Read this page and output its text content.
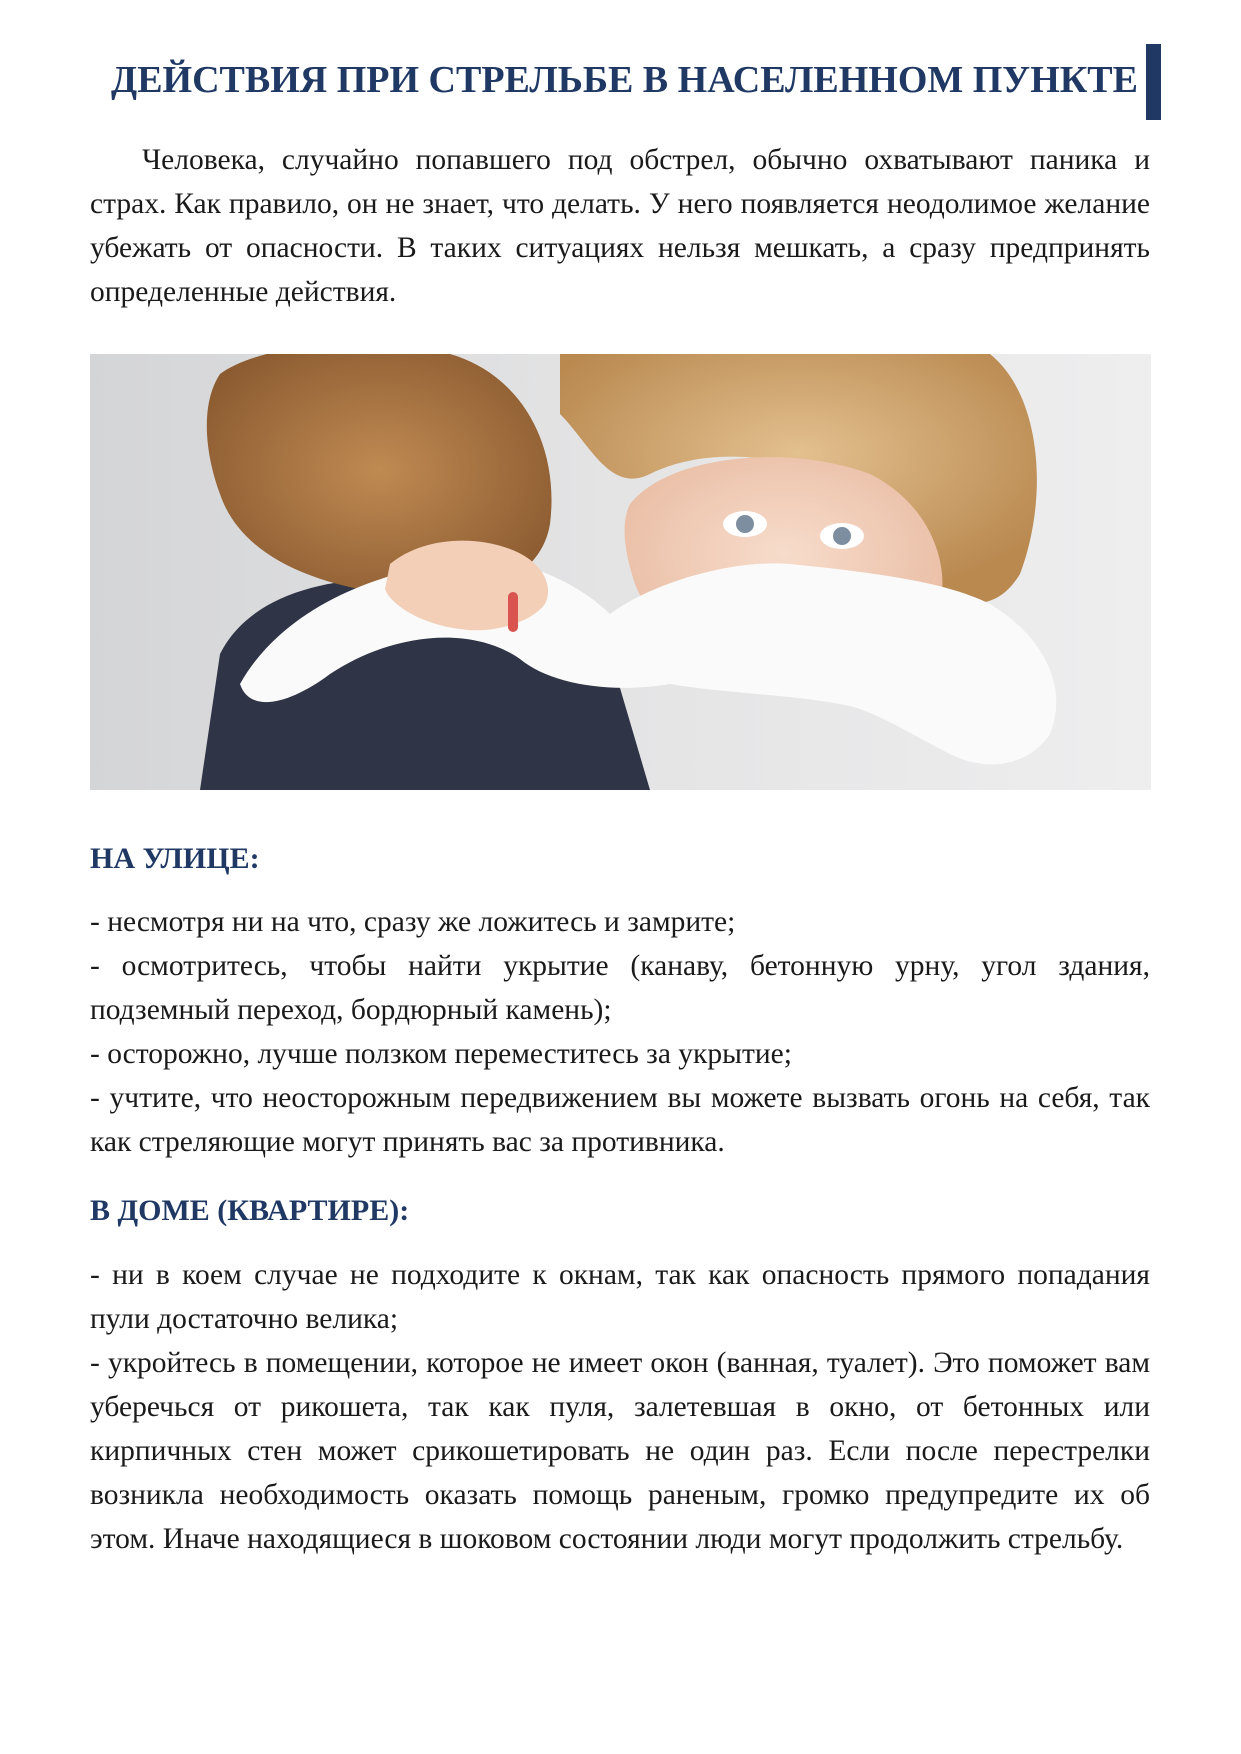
ДЕЙСТВИЯ ПРИ СТРЕЛЬБЕ В НАСЕЛЕННОМ ПУНКТЕ

Человека, случайно попавшего под обстрел, обычно охватывают паника и страх. Как правило, он не знает, что делать. У него появляется неодолимое желание убежать от опасности. В таких ситуациях нельзя мешкать, а сразу предпринять определенные действия.

НА УЛИЦЕ:

- несмотря ни на что, сразу же ложитесь и замрите;

- осмотритесь, чтобы найти укрытие (канаву, бетонную урну, угол здания, подземный переход, бордюрный камень);

- осторожно, лучше ползком переместитесь за укрытие;

- учтите, что неосторожным передвижением вы можете вызвать огонь на себя, так как стреляющие могут принять вас за противника.

В ДОМЕ (КВАРТИРЕ):

- ни в коем случае не подходите к окнам, так как опасность прямого попадания пули достаточно велика;

- укройтесь в помещении, которое не имеет окон (ванная, туалет). Это поможет вам уберечься от рикошета, так как пуля, залетевшая в окно, от бетонных или кирпичных стен может срикошетировать не один раз. Если после перестрелки возникла необходимость оказать помощь раненым, громко предупредите их об этом. Иначе находящиеся в шоковом состоянии люди могут продолжить стрельбу.
